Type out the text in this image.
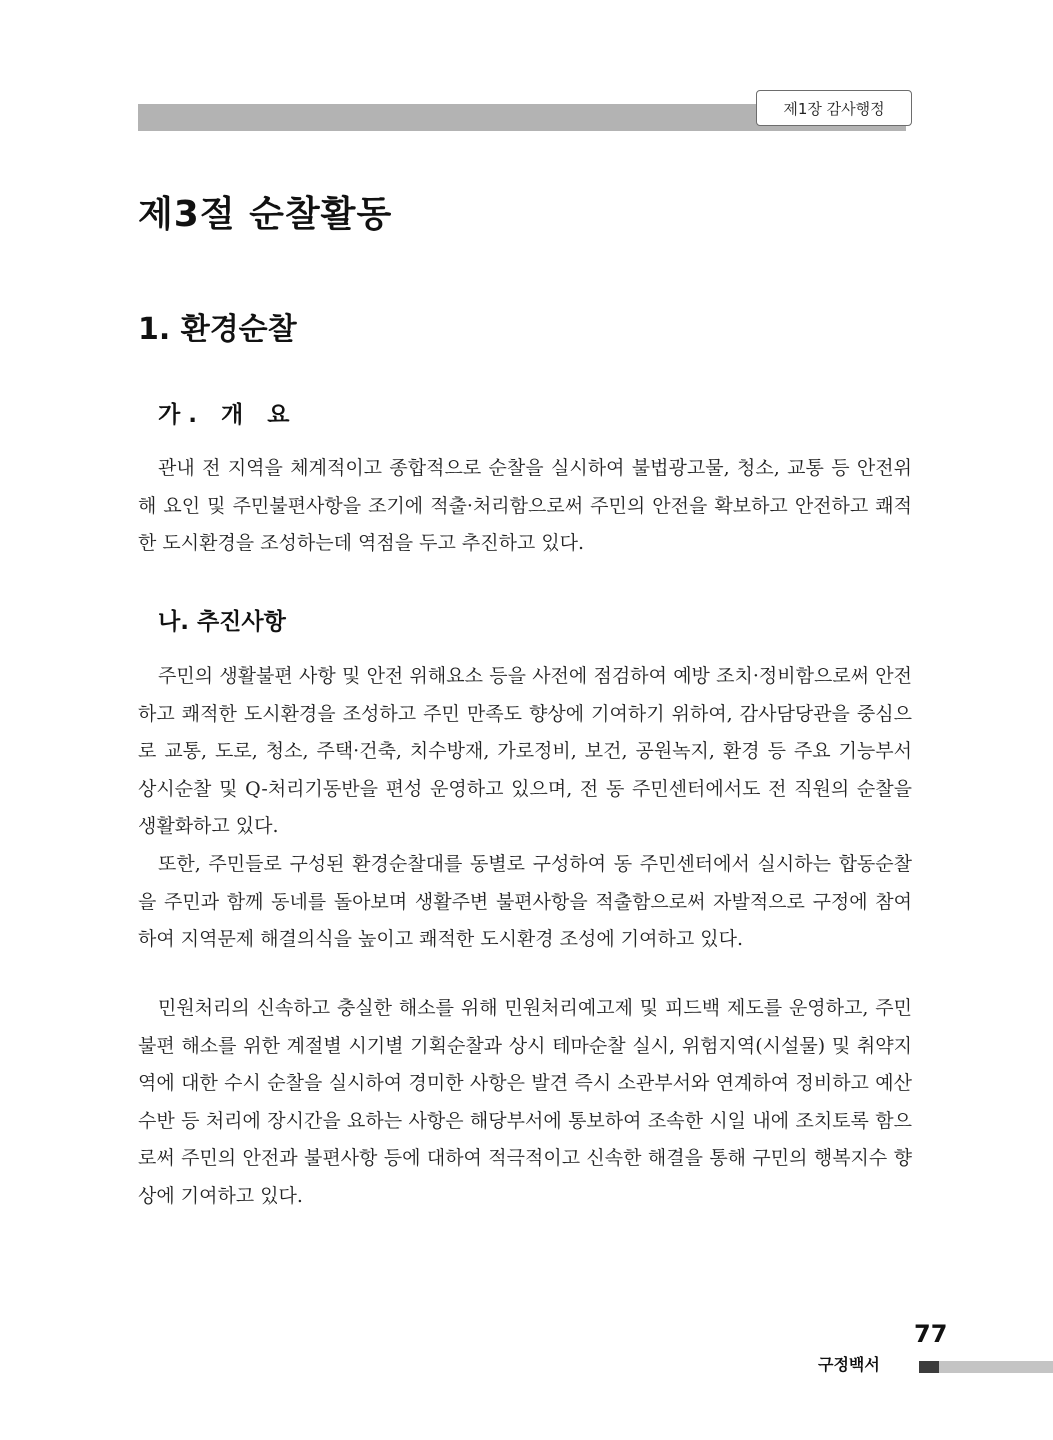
제1장 감사행정
제3절 순찰활동
1. 환경순찰
가. 개 요

관내 전 지역을 체계적이고 종합적으로 순찰을 실시하여 불법광고물, 청소, 교통 등 안전위해 요인 및 주민불편사항을 조기에 적출·처리함으로써 주민의 안전을 확보하고 안전하고 쾌적한 도시환경을 조성하는데 역점을 두고 추진하고 있다.

나. 추진사항

주민의 생활불편 사항 및 안전 위해요소 등을 사전에 점검하여 예방 조치·정비함으로써 안전하고 쾌적한 도시환경을 조성하고 주민 만족도 향상에 기여하기 위하여, 감사담당관을 중심으로 교통, 도로, 청소, 주택·건축, 치수방재, 가로정비, 보건, 공원녹지, 환경 등 주요 기능부서 상시순찰 및 Q-처리기동반을 편성 운영하고 있으며, 전 동 주민센터에서도 전 직원의 순찰을 생활화하고 있다.

또한, 주민들로 구성된 환경순찰대를 동별로 구성하여 동 주민센터에서 실시하는 합동순찰을 주민과 함께 동네를 돌아보며 생활주변 불편사항을 적출함으로써 자발적으로 구정에 참여하여 지역문제 해결의식을 높이고 쾌적한 도시환경 조성에 기여하고 있다.

민원처리의 신속하고 충실한 해소를 위해 민원처리예고제 및 피드백 제도를 운영하고, 주민불편 해소를 위한 계절별 시기별 기획순찰과 상시 테마순찰 실시, 위험지역(시설물) 및 취약지역에 대한 수시 순찰을 실시하여 경미한 사항은 발견 즉시 소관부서와 연계하여 정비하고 예산 수반 등 처리에 장시간을 요하는 사항은 해당부서에 통보하여 조속한 시일 내에 조치토록 함으로써 주민의 안전과 불편사항 등에 대하여 적극적이고 신속한 해결을 통해 구민의 행복지수 향상에 기여하고 있다.

77
구정백서
